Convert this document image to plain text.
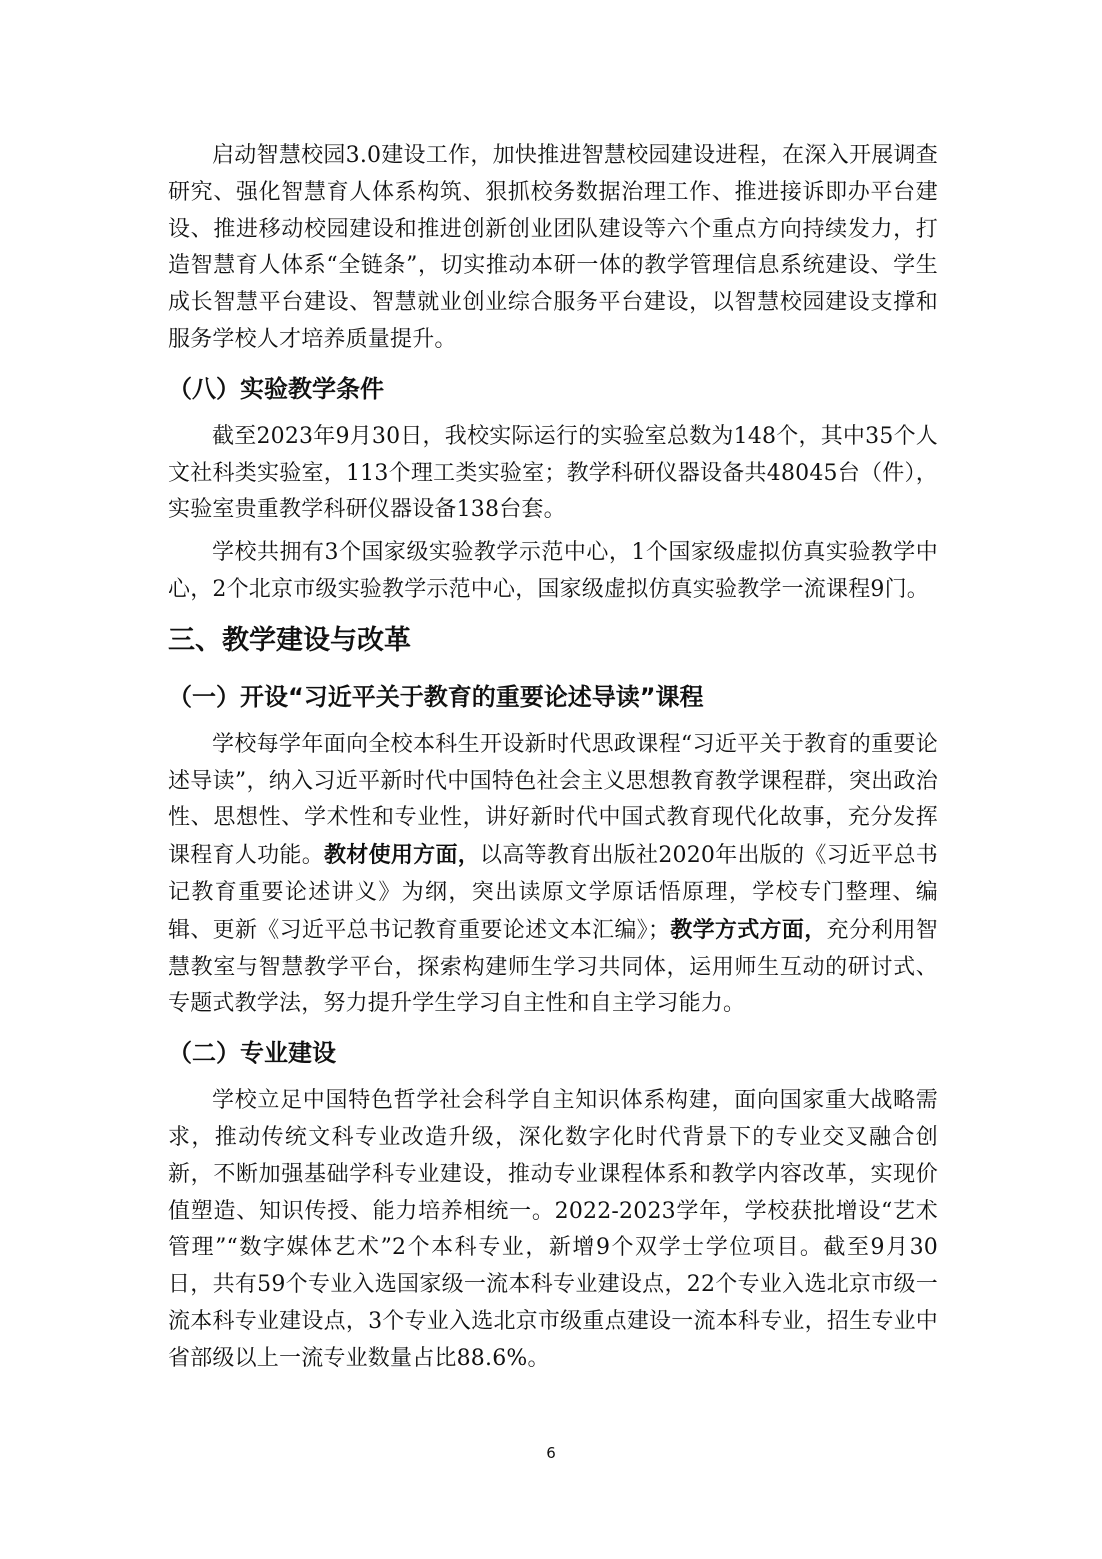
启动智慧校园3.0建设工作，加快推进智慧校园建设进程，在深入开展调查研究、强化智慧育人体系构筑、狠抓校务数据治理工作、推进接诉即办平台建设、推进移动校园建设和推进创新创业团队建设等六个重点方向持续发力，打造智慧育人体系“全链条”，切实推动本研一体的教学管理信息系统建设、学生成长智慧平台建设、智慧就业创业综合服务平台建设，以智慧校园建设支撑和服务学校人才培养质量提升。

（八）实验教学条件

截至2023年9月30日，我校实际运行的实验室总数为148个，其中35个人文社科类实验室，113个理工类实验室；教学科研仪器设备共48045台（件），实验室贵重教学科研仪器设备138台套。

学校共拥有3个国家级实验教学示范中心，1个国家级虚拟仿真实验教学中心，2个北京市级实验教学示范中心，国家级虚拟仿真实验教学一流课程9门。

三、教学建设与改革
（一）开设“习近平关于教育的重要论述导读”课程

学校每学年面向全校本科生开设新时代思政课程“习近平关于教育的重要论述导读”，纳入习近平新时代中国特色社会主义思想教育教学课程群，突出政治性、思想性、学术性和专业性，讲好新时代中国式教育现代化故事，充分发挥课程育人功能。教材使用方面，以高等教育出版社2020年出版的《习近平总书记教育重要论述讲义》为纲，突出读原文学原话悟原理，学校专门整理、编辑、更新《习近平总书记教育重要论述文本汇编》；教学方式方面，充分利用智慧教室与智慧教学平台，探索构建师生学习共同体，运用师生互动的研讨式、专题式教学法，努力提升学生学习自主性和自主学习能力。

（二）专业建设

学校立足中国特色哲学社会科学自主知识体系构建，面向国家重大战略需求，推动传统文科专业改造升级，深化数字化时代背景下的专业交叉融合创新，不断加强基础学科专业建设，推动专业课程体系和教学内容改革，实现价值塑造、知识传授、能力培养相统一。2022-2023学年，学校获批增设“艺术管理”“数字媒体艺术”2个本科专业，新增9个双学士学位项目。截至9月30日，共有59个专业入选国家级一流本科专业建设点，22个专业入选北京市级一流本科专业建设点，3个专业入选北京市级重点建设一流本科专业，招生专业中省部级以上一流专业数量占比88.6%。

6
